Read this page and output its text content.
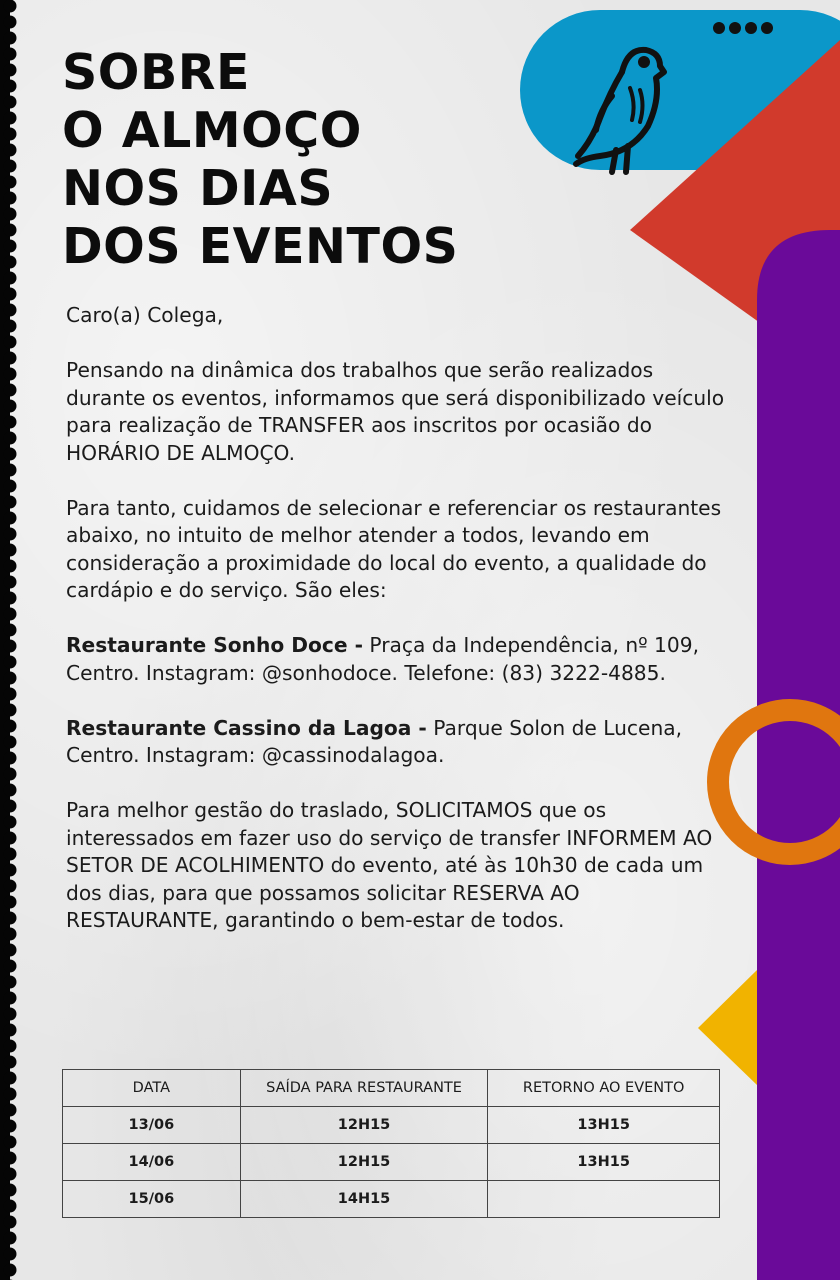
SOBRE
O ALMOÇO
NOS DIAS
DOS EVENTOS

Caro(a) Colega,

Pensando na dinâmica dos trabalhos que serão realizados durante os eventos, informamos que será disponibilizado veículo para realização de TRANSFER aos inscritos por ocasião do HORÁRIO DE ALMOÇO.

Para tanto, cuidamos de selecionar e referenciar os restaurantes abaixo, no intuito de melhor atender a todos, levando em consideração a proximidade do local do evento, a qualidade do cardápio e do serviço. São eles:

Restaurante Sonho Doce - Praça da Independência, nº 109, Centro. Instagram: @sonhodoce. Telefone: (83) 3222-4885.

Restaurante Cassino da Lagoa - Parque Solon de Lucena, Centro. Instagram: @cassinodalagoa.

Para melhor gestão do traslado, SOLICITAMOS que os interessados em fazer uso do serviço de transfer INFORMEM AO SETOR DE ACOLHIMENTO do evento, até às 10h30 de cada um dos dias, para que possamos solicitar RESERVA AO RESTAURANTE, garantindo o bem-estar de todos.

DATA	SAÍDA PARA RESTAURANTE	RETORNO AO EVENTO
13/06	12H15	13H15
14/06	12H15	13H15
15/06	14H15	
